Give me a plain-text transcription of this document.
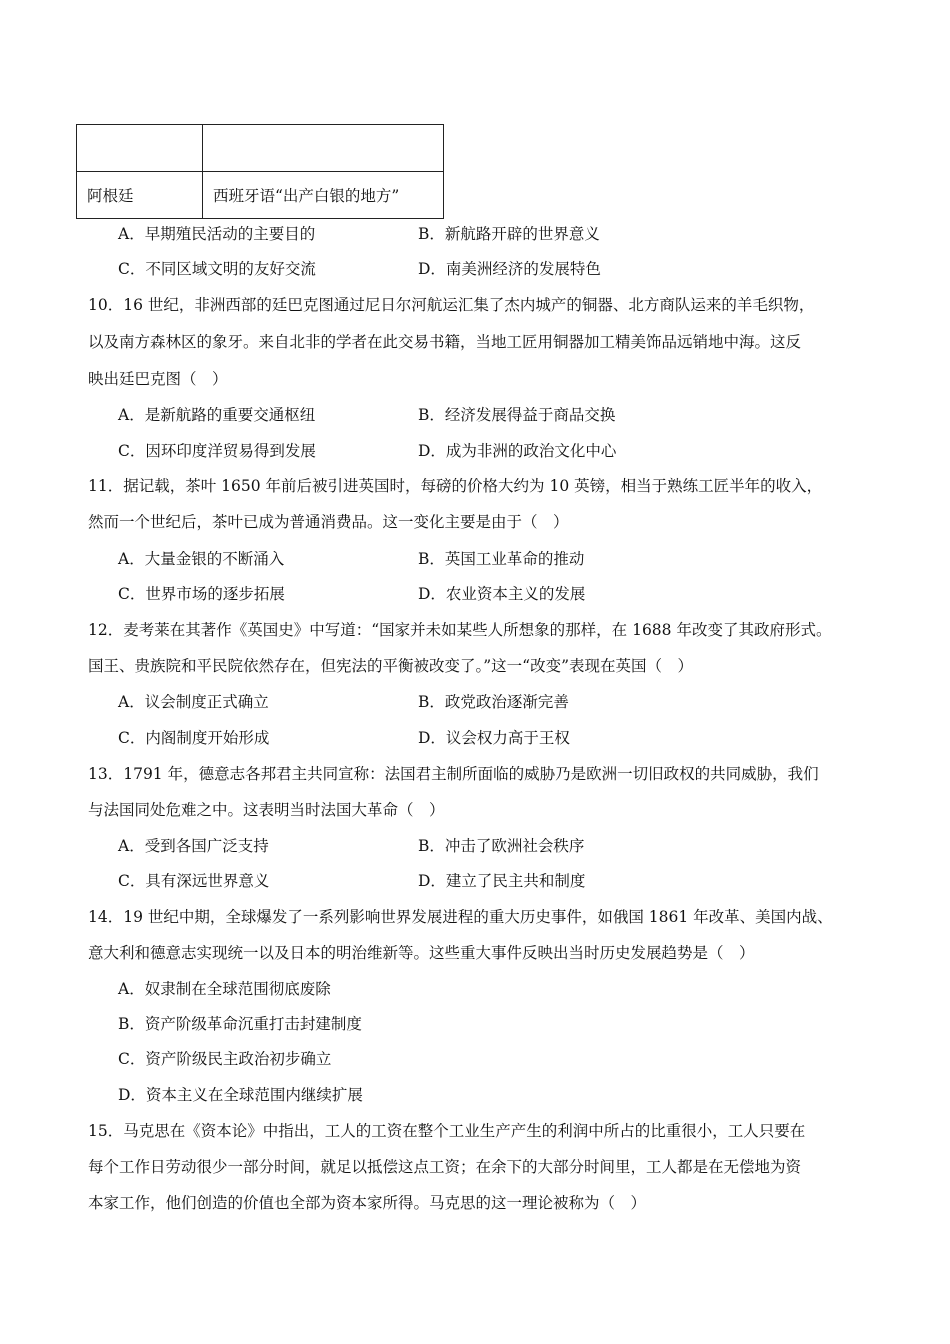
阿根廷	西班牙语“出产白银的地方”
A．早期殖民活动的主要目的	B．新航路开辟的世界意义
C．不同区域文明的友好交流	D．南美洲经济的发展特色
10．16 世纪，非洲西部的廷巴克图通过尼日尔河航运汇集了杰内城产的铜器、北方商队运来的羊毛织物，
以及南方森林区的象牙。来自北非的学者在此交易书籍，当地工匠用铜器加工精美饰品远销地中海。这反
映出廷巴克图（　）
A．是新航路的重要交通枢纽	B．经济发展得益于商品交换
C．因环印度洋贸易得到发展	D．成为非洲的政治文化中心
11．据记载，茶叶 1650 年前后被引进英国时，每磅的价格大约为 10 英镑，相当于熟练工匠半年的收入，
然而一个世纪后，茶叶已成为普通消费品。这一变化主要是由于（　）
A．大量金银的不断涌入	B．英国工业革命的推动
C．世界市场的逐步拓展	D．农业资本主义的发展
12．麦考莱在其著作《英国史》中写道：“国家并未如某些人所想象的那样，在 1688 年改变了其政府形式。
国王、贵族院和平民院依然存在，但宪法的平衡被改变了。”这一“改变”表现在英国（　）
A．议会制度正式确立	B．政党政治逐渐完善
C．内阁制度开始形成	D．议会权力高于王权
13．1791 年，德意志各邦君主共同宣称：法国君主制所面临的威胁乃是欧洲一切旧政权的共同威胁，我们
与法国同处危难之中。这表明当时法国大革命（　）
A．受到各国广泛支持	B．冲击了欧洲社会秩序
C．具有深远世界意义	D．建立了民主共和制度
14．19 世纪中期，全球爆发了一系列影响世界发展进程的重大历史事件，如俄国 1861 年改革、美国内战、
意大利和德意志实现统一以及日本的明治维新等。这些重大事件反映出当时历史发展趋势是（　）
A．奴隶制在全球范围彻底废除
B．资产阶级革命沉重打击封建制度
C．资产阶级民主政治初步确立
D．资本主义在全球范围内继续扩展
15．马克思在《资本论》中指出，工人的工资在整个工业生产产生的利润中所占的比重很小，工人只要在
每个工作日劳动很少一部分时间，就足以抵偿这点工资；在余下的大部分时间里，工人都是在无偿地为资
本家工作，他们创造的价值也全部为资本家所得。马克思的这一理论被称为（　）
